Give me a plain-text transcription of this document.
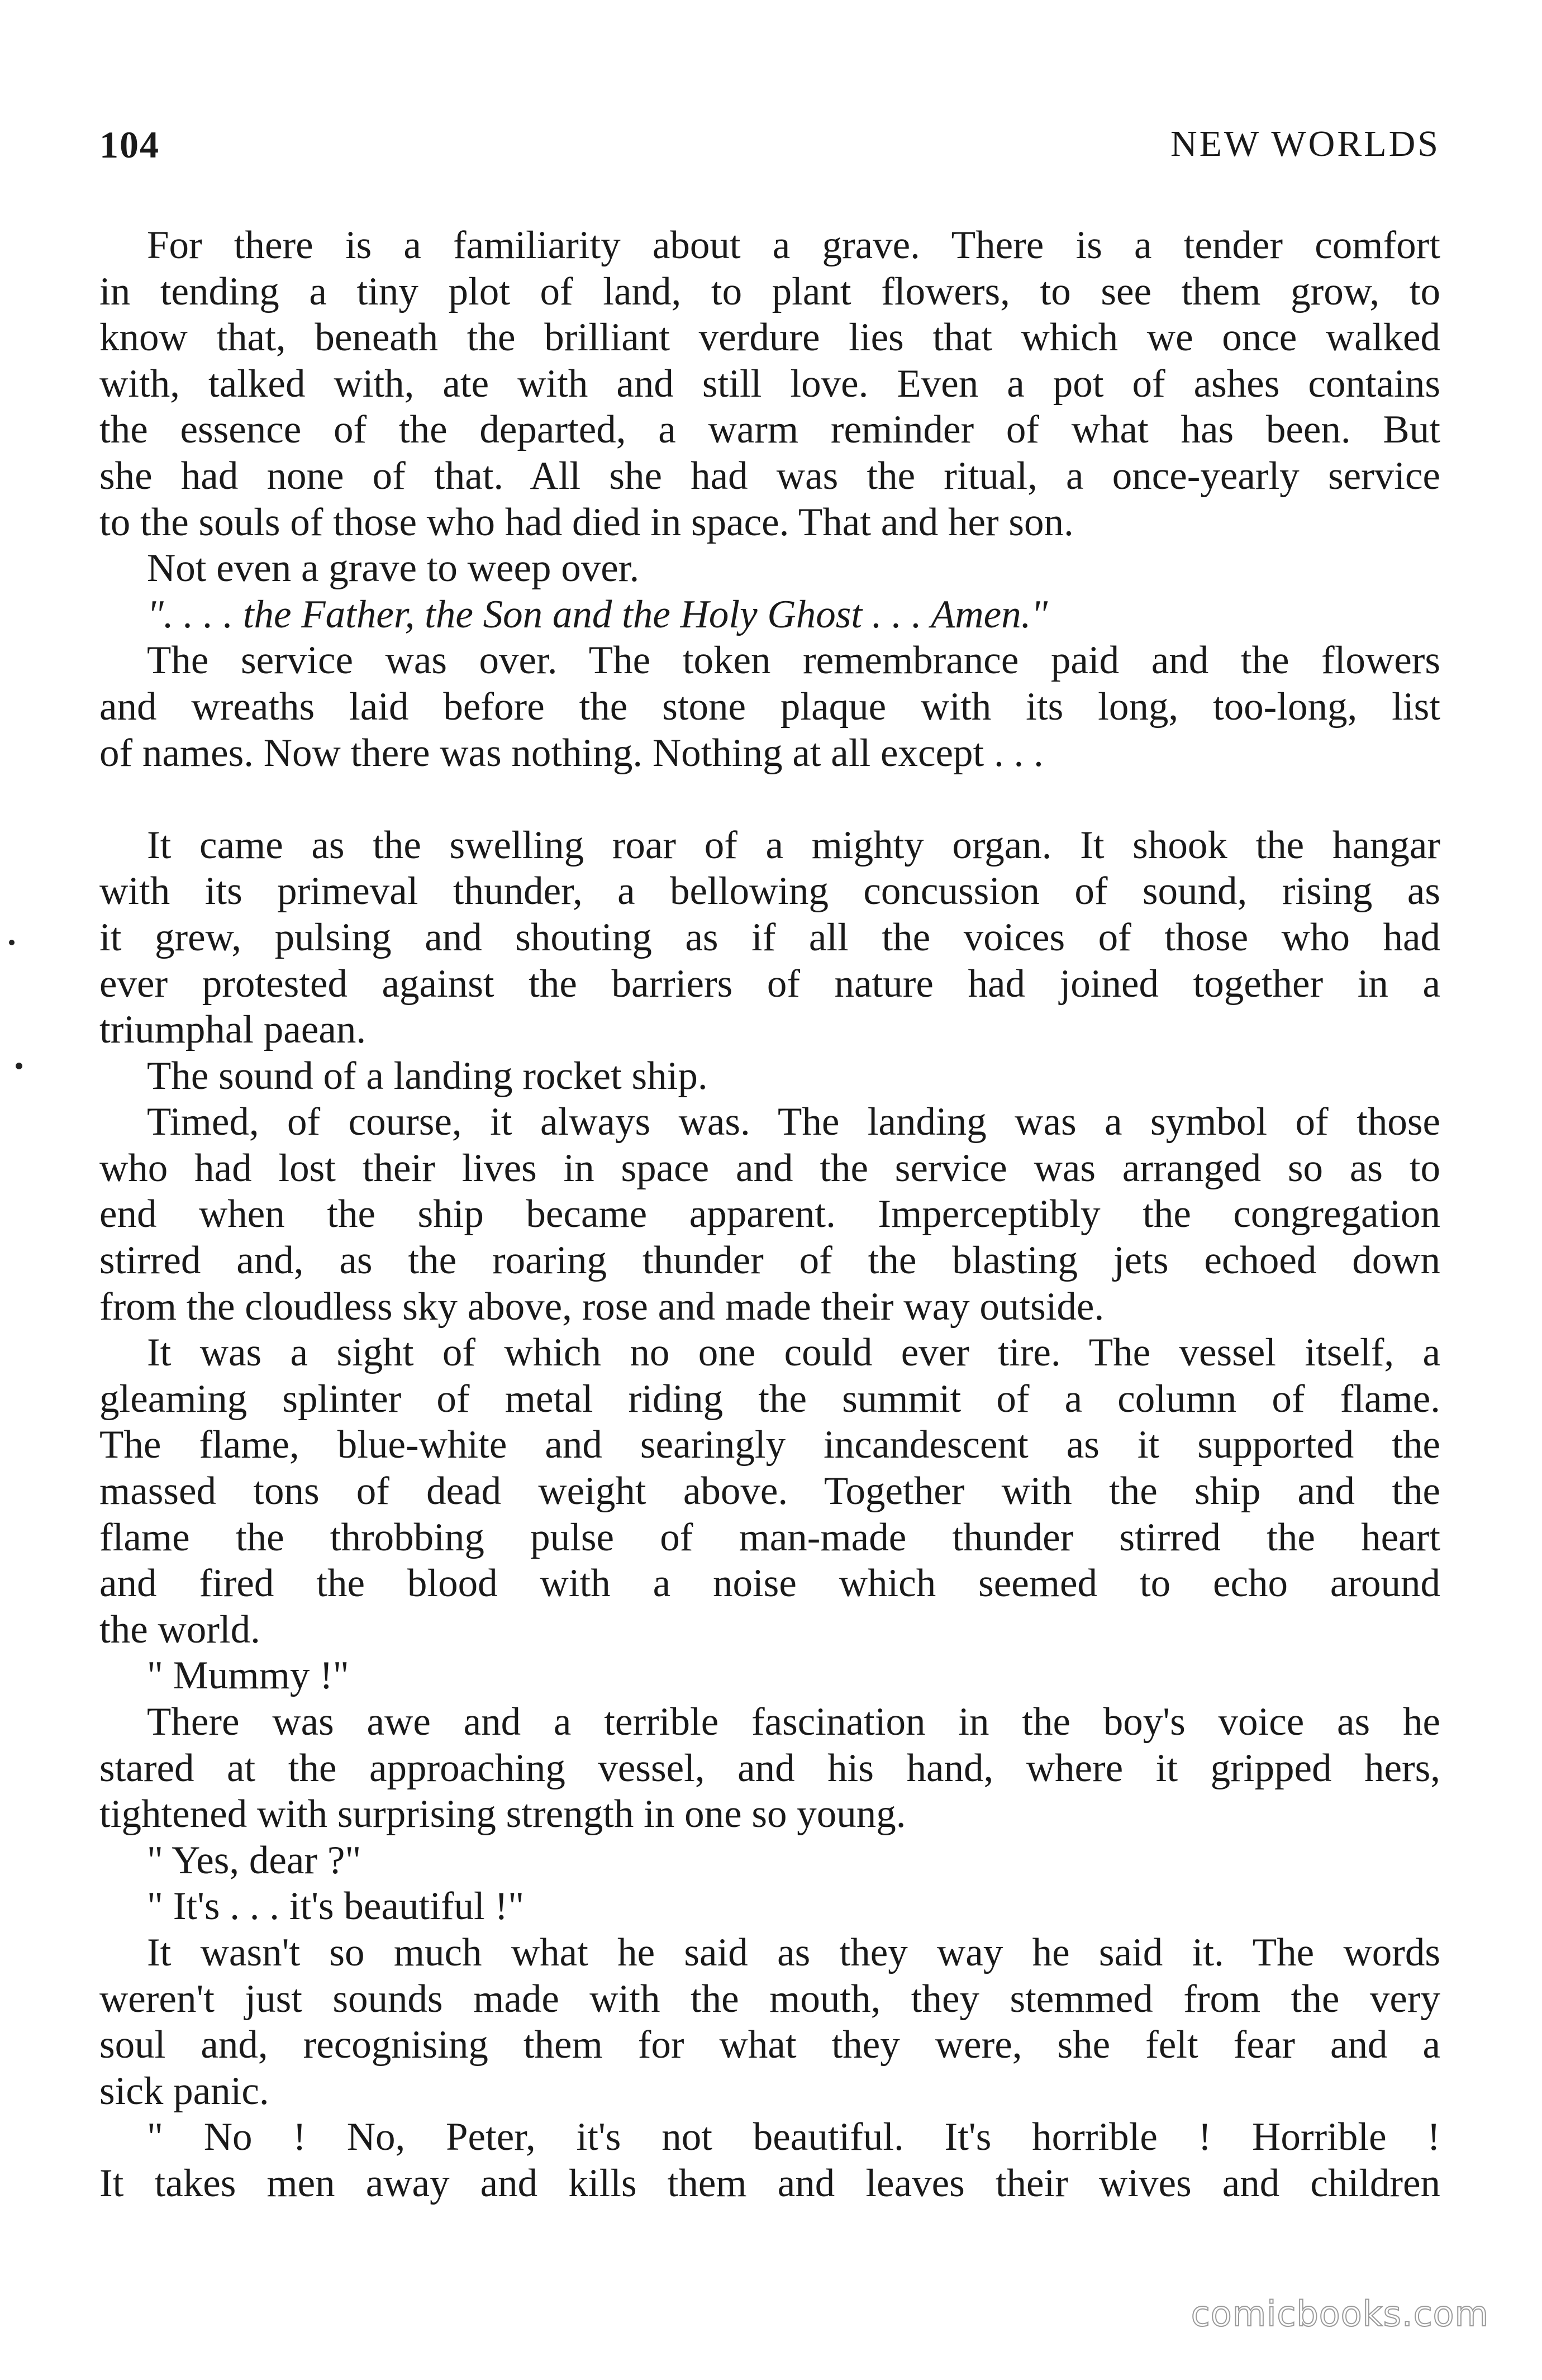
104	NEW WORLDS
For there is a familiarity about a grave. There is a tender comfort
in tending a tiny plot of land, to plant flowers, to see them grow, to
know that, beneath the brilliant verdure lies that which we once walked
with, talked with, ate with and still love. Even a pot of ashes contains
the essence of the departed, a warm reminder of what has been. But
she had none of that. All she had was the ritual, a once-yearly service
to the souls of those who had died in space. That and her son.
Not even a grave to weep over.
". . . . the Father, the Son and the Holy Ghost . . . Amen."
The service was over. The token remembrance paid and the flowers
and wreaths laid before the stone plaque with its long, too-long, list
of names. Now there was nothing. Nothing at all except . . .
It came as the swelling roar of a mighty organ. It shook the hangar
with its primeval thunder, a bellowing concussion of sound, rising as
it grew, pulsing and shouting as if all the voices of those who had
ever protested against the barriers of nature had joined together in a
triumphal paean.
The sound of a landing rocket ship.
Timed, of course, it always was. The landing was a symbol of those
who had lost their lives in space and the service was arranged so as to
end when the ship became apparent. Imperceptibly the congregation
stirred and, as the roaring thunder of the blasting jets echoed down
from the cloudless sky above, rose and made their way outside.
It was a sight of which no one could ever tire. The vessel itself, a
gleaming splinter of metal riding the summit of a column of flame.
The flame, blue-white and searingly incandescent as it supported the
massed tons of dead weight above. Together with the ship and the
flame the throbbing pulse of man-made thunder stirred the heart
and fired the blood with a noise which seemed to echo around
the world.
" Mummy !"
There was awe and a terrible fascination in the boy's voice as he
stared at the approaching vessel, and his hand, where it gripped hers,
tightened with surprising strength in one so young.
" Yes, dear ?"
" It's . . . it's beautiful !"
It wasn't so much what he said as they way he said it. The words
weren't just sounds made with the mouth, they stemmed from the very
soul and, recognising them for what they were, she felt fear and a
sick panic.
" No ! No, Peter, it's not beautiful. It's horrible ! Horrible !
It takes men away and kills them and leaves their wives and children
comicbooks.com
